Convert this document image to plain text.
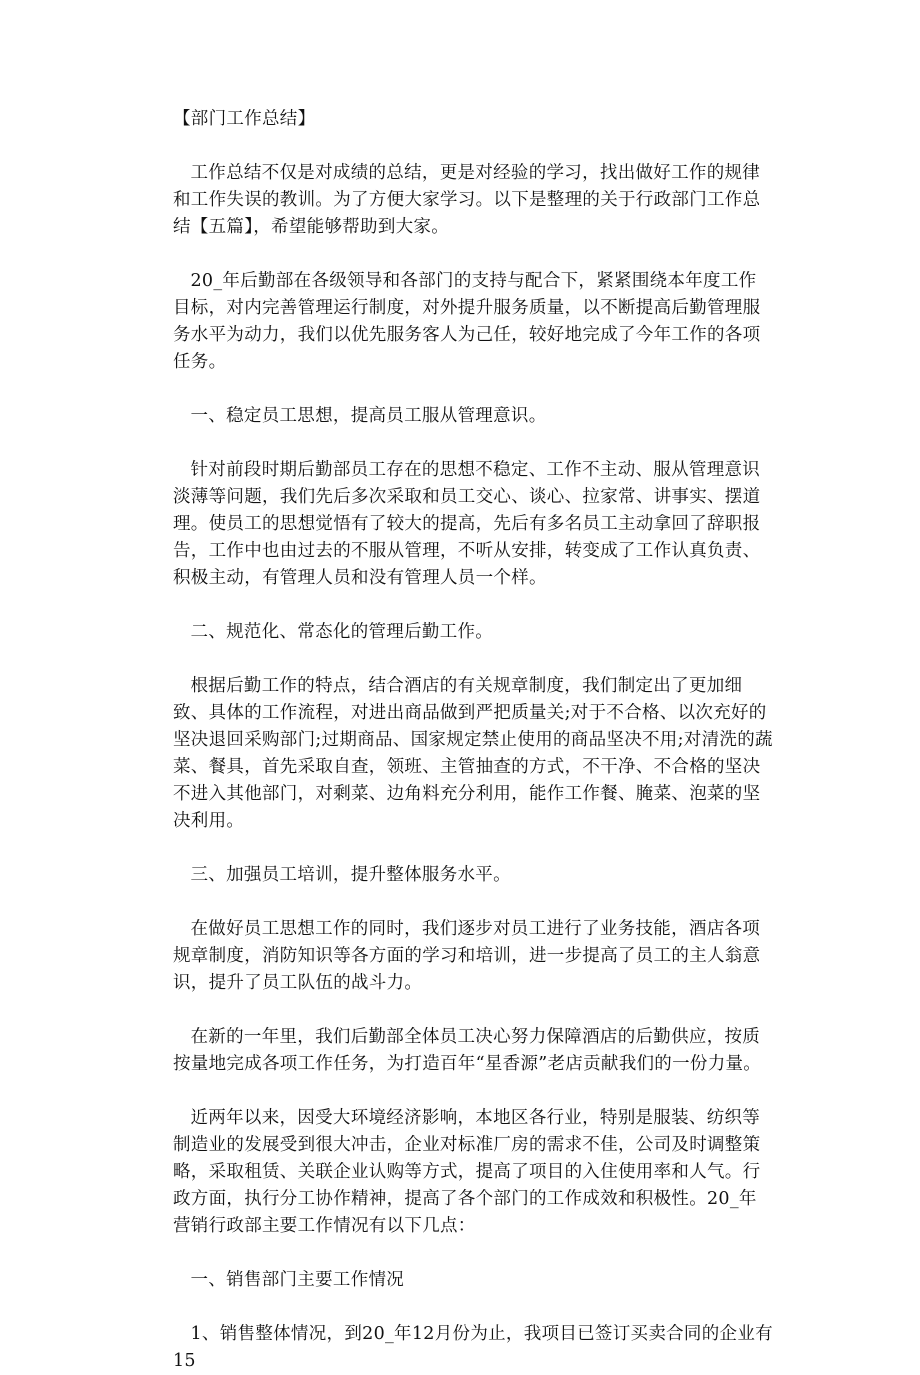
【部门工作总结】

工作总结不仅是对成绩的总结，更是对经验的学习，找出做好工作的规律和工作失误的教训。为了方便大家学习。以下是整理的关于行政部门工作总结【五篇】，希望能够帮助到大家。

20_年后勤部在各级领导和各部门的支持与配合下，紧紧围绕本年度工作目标，对内完善管理运行制度，对外提升服务质量，以不断提高后勤管理服务水平为动力，我们以优先服务客人为己任，较好地完成了今年工作的各项任务。

一、稳定员工思想，提高员工服从管理意识。

针对前段时期后勤部员工存在的思想不稳定、工作不主动、服从管理意识淡薄等问题，我们先后多次采取和员工交心、谈心、拉家常、讲事实、摆道理。使员工的思想觉悟有了较大的提高，先后有多名员工主动拿回了辞职报告，工作中也由过去的不服从管理，不听从安排，转变成了工作认真负责、积极主动，有管理人员和没有管理人员一个样。

二、规范化、常态化的管理后勤工作。

根据后勤工作的特点，结合酒店的有关规章制度，我们制定出了更加细致、具体的工作流程，对进出商品做到严把质量关;对于不合格、以次充好的坚决退回采购部门;过期商品、国家规定禁止使用的商品坚决不用;对清洗的蔬菜、餐具，首先采取自查，领班、主管抽查的方式，不干净、不合格的坚决不进入其他部门，对剩菜、边角料充分利用，能作工作餐、腌菜、泡菜的坚决利用。

三、加强员工培训，提升整体服务水平。

在做好员工思想工作的同时，我们逐步对员工进行了业务技能，酒店各项规章制度，消防知识等各方面的学习和培训，进一步提高了员工的主人翁意识，提升了员工队伍的战斗力。

在新的一年里，我们后勤部全体员工决心努力保障酒店的后勤供应，按质按量地完成各项工作任务，为打造百年“星香源”老店贡献我们的一份力量。

近两年以来，因受大环境经济影响，本地区各行业，特别是服装、纺织等制造业的发展受到很大冲击，企业对标准厂房的需求不佳，公司及时调整策略，采取租赁、关联企业认购等方式，提高了项目的入住使用率和人气。行政方面，执行分工协作精神，提高了各个部门的工作成效和积极性。20_年营销行政部主要工作情况有以下几点：

一、销售部门主要工作情况

1、销售整体情况，到20_年12月份为止，我项目已签订买卖合同的企业有15
